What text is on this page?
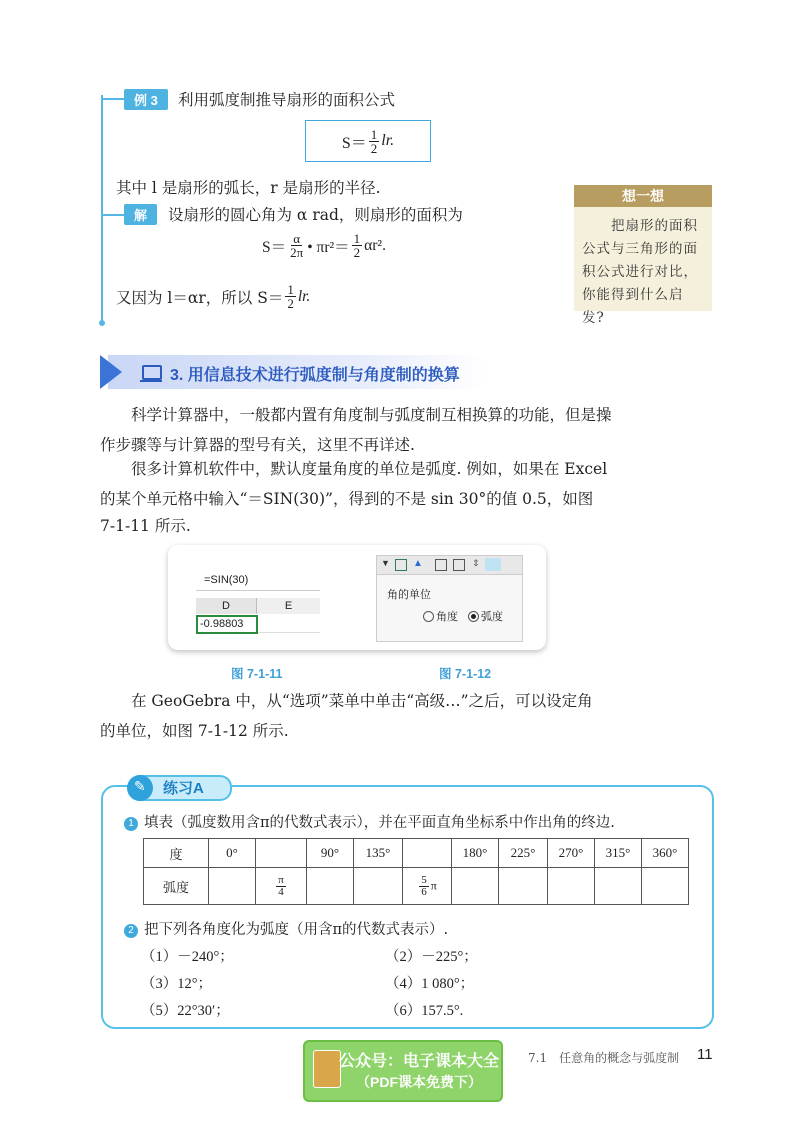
例 3	利用弧度制推导扇形的面积公式
$S= \frac{1}{2}$ lr.
其中 l 是扇形的弧长，r 是扇形的半径.
解	设扇形的圆心角为 α rad，则扇形的面积为
$S= \frac{\alpha}{2\pi}$ • $\pi r^2= \frac{1}{2} \alpha r^2$.
又因为 l＝αr，所以 $S= \frac{1}{2}$ lr.
想一想
　　把扇形的面积公式与三角形的面积公式进行对比，你能得到什么启发?
3. 用信息技术进行弧度制与角度制的换算
科学计算器中，一般都内置有角度制与弧度制互相换算的功能，但是操
作步骤等与计算器的型号有关，这里不再详述.
很多计算机软件中，默认度量角度的单位是弧度. 例如，如果在 Excel
的某个单元格中输入“＝SIN(30)”，得到的不是 sin 30°的值 0.5，如图
7-1-11 所示.
=SIN(30)
D	E
-0.98803
▼ ▲	⇕
角的单位
角度 弧度
图 7-1-11	图 7-1-12
在 GeoGebra 中，从“选项”菜单中单击“高级…”之后，可以设定角
的单位，如图 7-1-12 所示.
✎ 练习A
1 填表（弧度数用含π的代数式表示），并在平面直角坐标系中作出角的终边.
度	0°		90°	135°		180°	225°	270°	315°	360°
弧度		$\frac{\pi}{4}$			$\frac{5}{6}$ π					
2 把下列各角度化为弧度（用含π的代数式表示）.
（1）－240°；	（2）－225°；
（3）12°；	（4）1 080°；
（5）22°30′；	（6）157.5°.
公众号：电子课本大全
（PDF课本免费下）
7.1　任意角的概念与弧度制 11
